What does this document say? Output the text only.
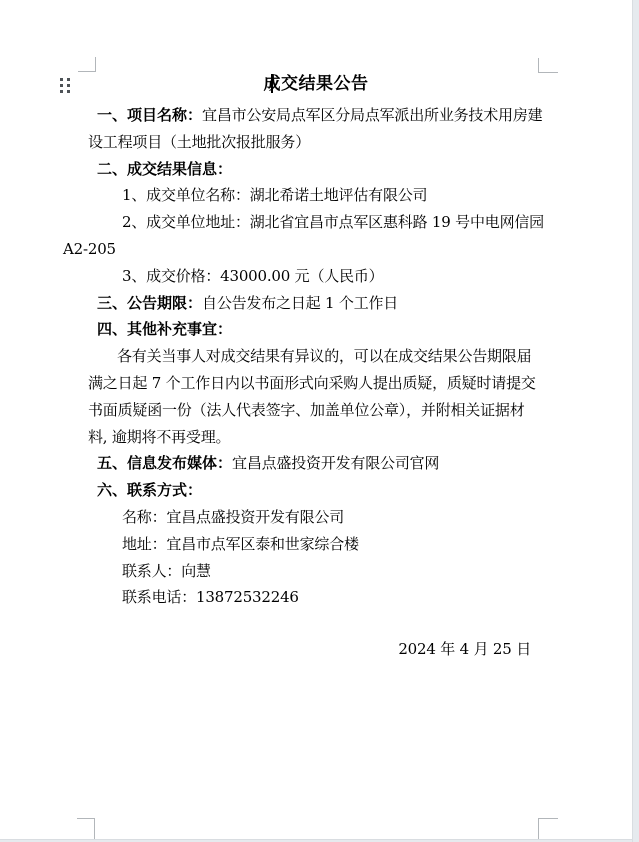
成交结果公告
一、项目名称：宜昌市公安局点军区分局点军派出所业务技术用房建
设工程项目（土地批次报批服务）
二、成交结果信息：
1、成交单位名称：湖北希诺土地评估有限公司
2、成交单位地址：湖北省宜昌市点军区惠科路 19 号中电网信园
A2-205
3、成交价格：43000.00 元（人民币）
三、公告期限：自公告发布之日起 1 个工作日
四、其他补充事宜：
各有关当事人对成交结果有异议的，可以在成交结果公告期限届
满之日起 7 个工作日内以书面形式向采购人提出质疑，质疑时请提交
书面质疑函一份（法人代表签字、加盖单位公章），并附相关证据材
料, 逾期将不再受理。
五、信息发布媒体：宜昌点盛投资开发有限公司官网
六、联系方式：
名称：宜昌点盛投资开发有限公司
地址：宜昌市点军区泰和世家综合楼
联系人：向慧
联系电话：13872532246
2024 年 4 月 25 日
